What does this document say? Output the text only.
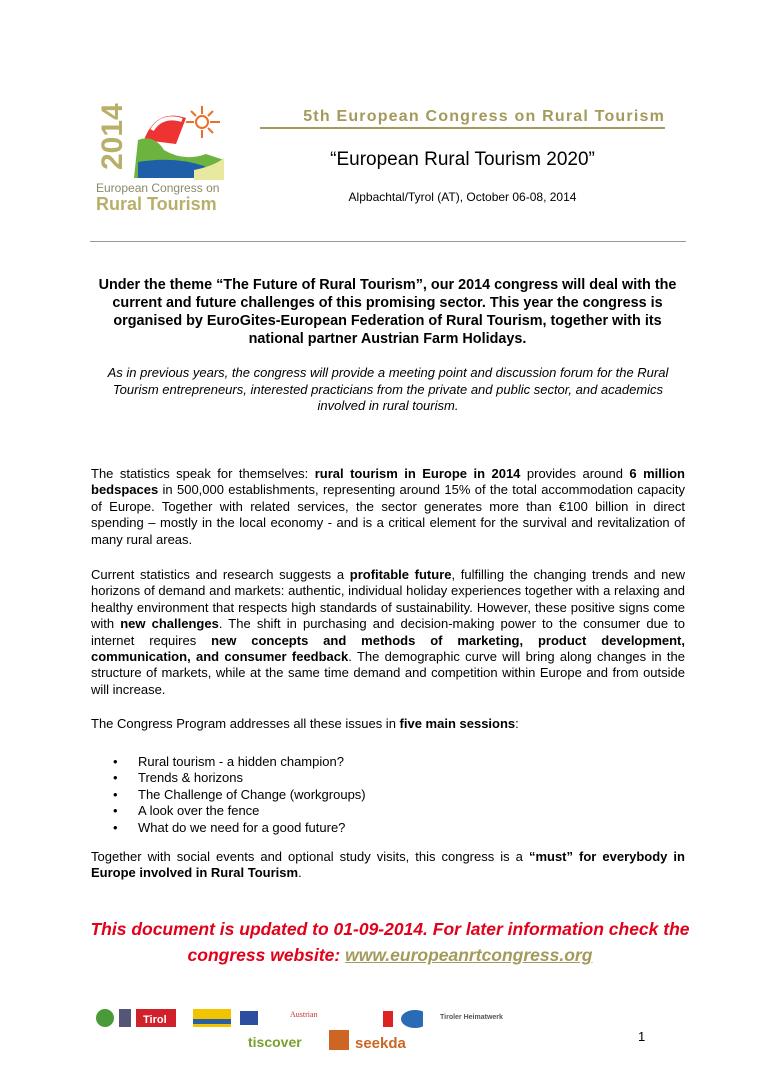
2014
European Congress on
Rural Tourism
5th European Congress on Rural Tourism
“European Rural Tourism 2020”
Alpbachtal/Tyrol (AT), October 06-08, 2014
Under the theme “The Future of Rural Tourism”, our 2014 congress will deal with the current and future challenges of this promising sector. This year the congress is organised by EuroGites-European Federation of Rural Tourism, together with its national partner Austrian Farm Holidays.
As in previous years, the congress will provide a meeting point and discussion forum for the Rural Tourism entrepreneurs, interested practicians from the private and public sector, and academics involved in rural tourism.
The statistics speak for themselves: rural tourism in Europe in 2014 provides around 6 million bedspaces in 500,000 establishments, representing around 15% of the total accommodation capacity of Europe. Together with related services, the sector generates more than €100 billion in direct spending – mostly in the local economy - and is a critical element for the survival and revitalization of many rural areas.
Current statistics and research suggests a profitable future, fulfilling the changing trends and new horizons of demand and markets: authentic, individual holiday experiences together with a relaxing and healthy environment that respects high standards of sustainability. However, these positive signs come with new challenges. The shift in purchasing and decision-making power to the consumer due to internet requires new concepts and methods of marketing, product development, communication, and consumer feedback. The demographic curve will bring along changes in the structure of markets, while at the same time demand and competition within Europe and from outside will increase.
The Congress Program addresses all these issues in five main sessions:
• Rural tourism - a hidden champion?
• Trends & horizons
• The Challenge of Change (workgroups)
• A look over the fence
• What do we need for a good future?
Together with social events and optional study visits, this congress is a “must” for everybody in Europe involved in Rural Tourism.
This document is updated to 01-09-2014. For later information check the congress website: www.europeanrtcongress.org
Tirol	Austrian
tiscover	seekda
Tiroler Heimatwerk
1
